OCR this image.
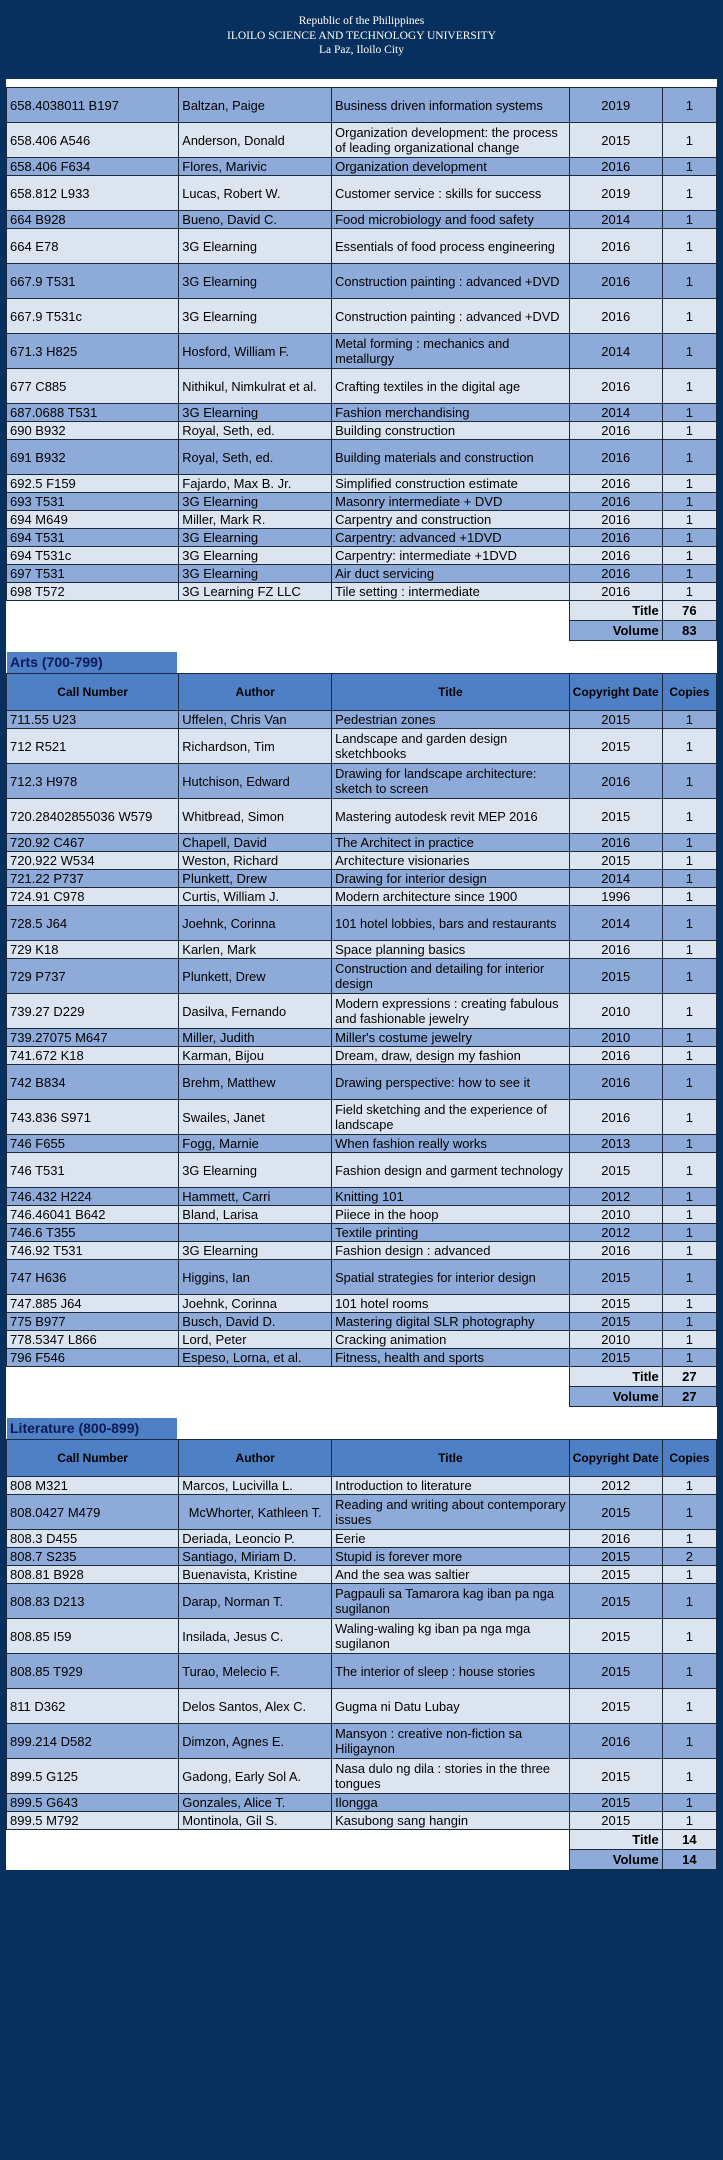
Republic of the Philippines
ILOILO SCIENCE AND TECHNOLOGY UNIVERSITY
La Paz, Iloilo City
658.4038011 B197	Baltzan, Paige	Business driven information systems	2019	1
658.406 A546	Anderson, Donald	Organization development: the process of leading organizational change	2015	1
658.406 F634	Flores, Marivic	Organization development	2016	1
658.812 L933	Lucas, Robert W.	Customer service : skills for success	2019	1
664 B928	Bueno, David C.	Food microbiology and food safety	2014	1
664 E78	3G Elearning	Essentials of food process engineering	2016	1
667.9 T531	3G Elearning	Construction painting : advanced +DVD	2016	1
667.9 T531c	3G Elearning	Construction painting : advanced +DVD	2016	1
671.3 H825	Hosford, William F.	Metal forming : mechanics and metallurgy	2014	1
677 C885	Nithikul, Nimkulrat et al.	Crafting textiles in the digital age	2016	1
687.0688 T531	3G Elearning	Fashion merchandising	2014	1
690 B932	Royal, Seth, ed.	Building construction	2016	1
691 B932	Royal, Seth, ed.	Building materials and construction	2016	1
692.5 F159	Fajardo, Max B. Jr.	Simplified construction estimate	2016	1
693 T531	3G Elearning	Masonry intermediate + DVD	2016	1
694 M649	Miller, Mark R.	Carpentry and construction	2016	1
694 T531	3G Elearning	Carpentry: advanced +1DVD	2016	1
694 T531c	3G Elearning	Carpentry: intermediate +1DVD	2016	1
697 T531	3G Elearning	Air duct servicing	2016	1
698 T572	3G Learning FZ LLC	Tile setting : intermediate	2016	1
			Title	76
			Volume	83
Arts (700-799)
Call Number	Author	Title	Copyright Date	Copies
711.55 U23	Uffelen, Chris Van	Pedestrian zones	2015	1
712 R521	Richardson, Tim	Landscape and garden design sketchbooks	2015	1
712.3 H978	Hutchison, Edward	Drawing for landscape architecture: sketch to screen	2016	1
720.28402855036 W579	Whitbread, Simon	Mastering autodesk revit MEP 2016	2015	1
720.92 C467	Chapell, David	The Architect in practice	2016	1
720.922 W534	Weston, Richard	Architecture visionaries	2015	1
721.22 P737	Plunkett, Drew	Drawing for interior design	2014	1
724.91 C978	Curtis, William J.	Modern architecture since 1900	1996	1
728.5 J64	Joehnk, Corinna	101 hotel lobbies, bars and restaurants	2014	1
729 K18	Karlen, Mark	Space planning basics	2016	1
729 P737	Plunkett, Drew	Construction and detailing for interior design	2015	1
739.27 D229	Dasilva, Fernando	Modern expressions : creating fabulous and fashionable jewelry	2010	1
739.27075 M647	Miller, Judith	Miller's costume jewelry	2010	1
741.672 K18	Karman, Bijou	Dream, draw, design my fashion	2016	1
742 B834	Brehm, Matthew	Drawing perspective: how to see it	2016	1
743.836 S971	Swailes, Janet	Field sketching and the experience of landscape	2016	1
746 F655	Fogg, Marnie	When fashion really works	2013	1
746 T531	3G Elearning	Fashion design and garment technology	2015	1
746.432 H224	Hammett, Carri	Knitting 101	2012	1
746.46041 B642	Bland, Larisa	Piiece in the hoop	2010	1
746.6 T355		Textile printing	2012	1
746.92 T531	3G Elearning	Fashion design : advanced	2016	1
747 H636	Higgins, Ian	Spatial strategies for interior design	2015	1
747.885 J64	Joehnk, Corinna	101 hotel rooms	2015	1
775 B977	Busch, David D.	Mastering digital SLR photography	2015	1
778.5347 L866	Lord, Peter	Cracking animation	2010	1
796 F546	Espeso, Lorna, et al.	Fitness, health and sports	2015	1
			Title	27
			Volume	27
Literature (800-899)
Call Number	Author	Title	Copyright Date	Copies
808 M321	Marcos, Lucivilla L.	Introduction to literature	2012	1
808.0427 M479	McWhorter, Kathleen T.	Reading and writing about contemporary issues	2015	1
808.3 D455	Deriada, Leoncio P.	Eerie	2016	1
808.7 S235	Santiago, Miriam D.	Stupid is forever more	2015	2
808.81 B928	Buenavista, Kristine	And the sea was saltier	2015	1
808.83 D213	Darap, Norman T.	Pagpauli sa Tamarora kag iban pa nga sugilanon	2015	1
808.85 I59	Insilada, Jesus C.	Waling-waling kg iban pa nga mga sugilanon	2015	1
808.85 T929	Turao, Melecio F.	The interior of sleep : house stories	2015	1
811 D362	Delos Santos, Alex C.	Gugma ni Datu Lubay	2015	1
899.214 D582	Dimzon, Agnes E.	Mansyon : creative non-fiction sa Hiligaynon	2016	1
899.5 G125	Gadong, Early Sol A.	Nasa dulo ng dila : stories in the three tongues	2015	1
899.5 G643	Gonzales, Alice T.	Ilongga	2015	1
899.5 M792	Montinola, Gil S.	Kasubong sang hangin	2015	1
			Title	14
			Volume	14
